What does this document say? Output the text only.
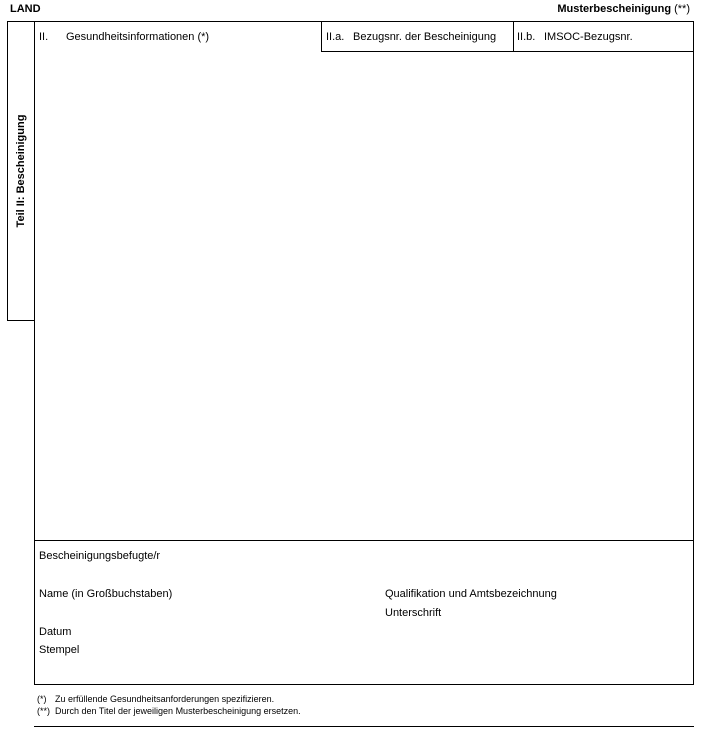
LAND	Musterbescheinigung (**)
Teil II: Bescheinigung
II. Gesundheitsinformationen (*)	II.a. Bezugsnr. der Bescheinigung II.b. IMSOC-Bezugsnr.
Bescheinigungsbefugte/r
Name (in Großbuchstaben)	Qualifikation und Amtsbezeichnung
Unterschrift
Datum
Stempel
(*) Zu erfüllende Gesundheitsanforderungen spezifizieren.
(**) Durch den Titel der jeweiligen Musterbescheinigung ersetzen.
